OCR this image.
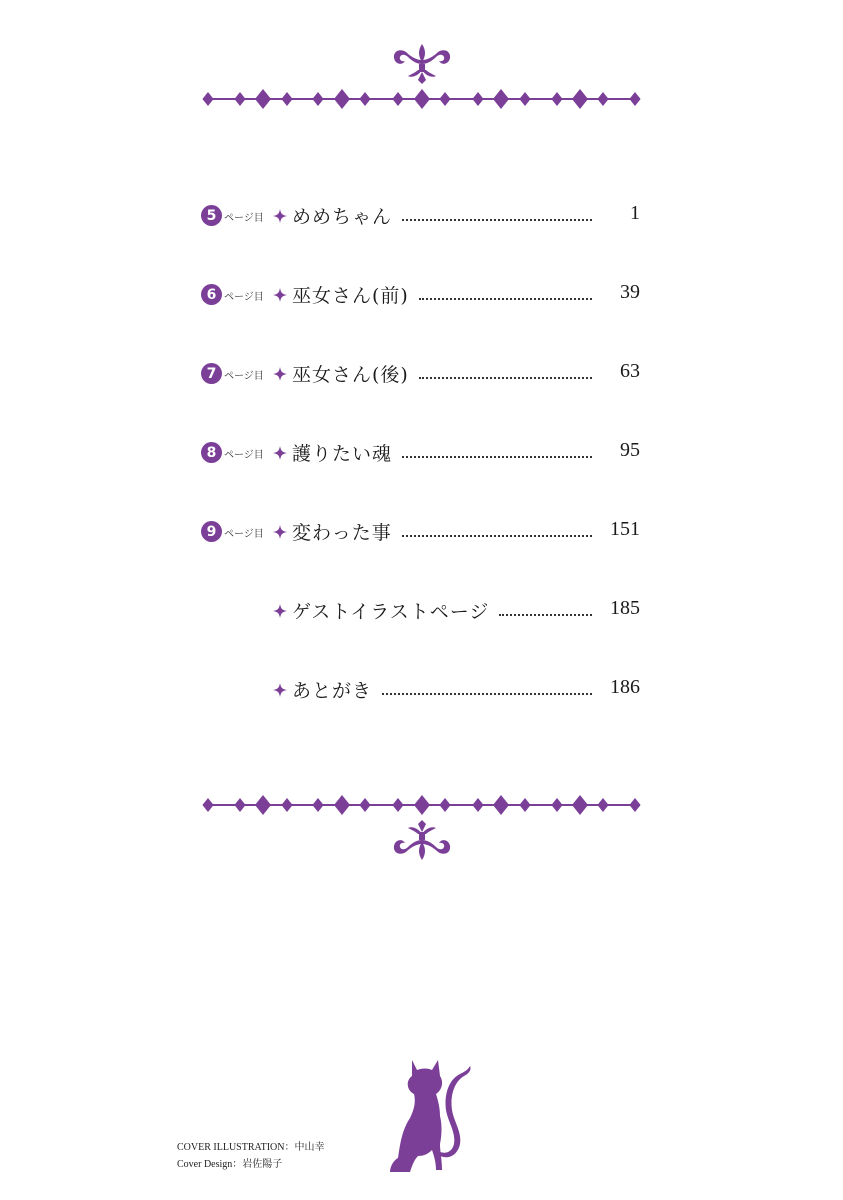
5 ページ目 めめちゃん	1
6 ページ目 巫女さん(前)	39
7 ページ目 巫女さん(後)	63
8 ページ目 護りたい魂	95
9 ページ目 変わった事	151
ゲストイラストページ	185
あとがき	186
COVER ILLUSTRATION：中山幸
Cover Design：岩佐陽子
